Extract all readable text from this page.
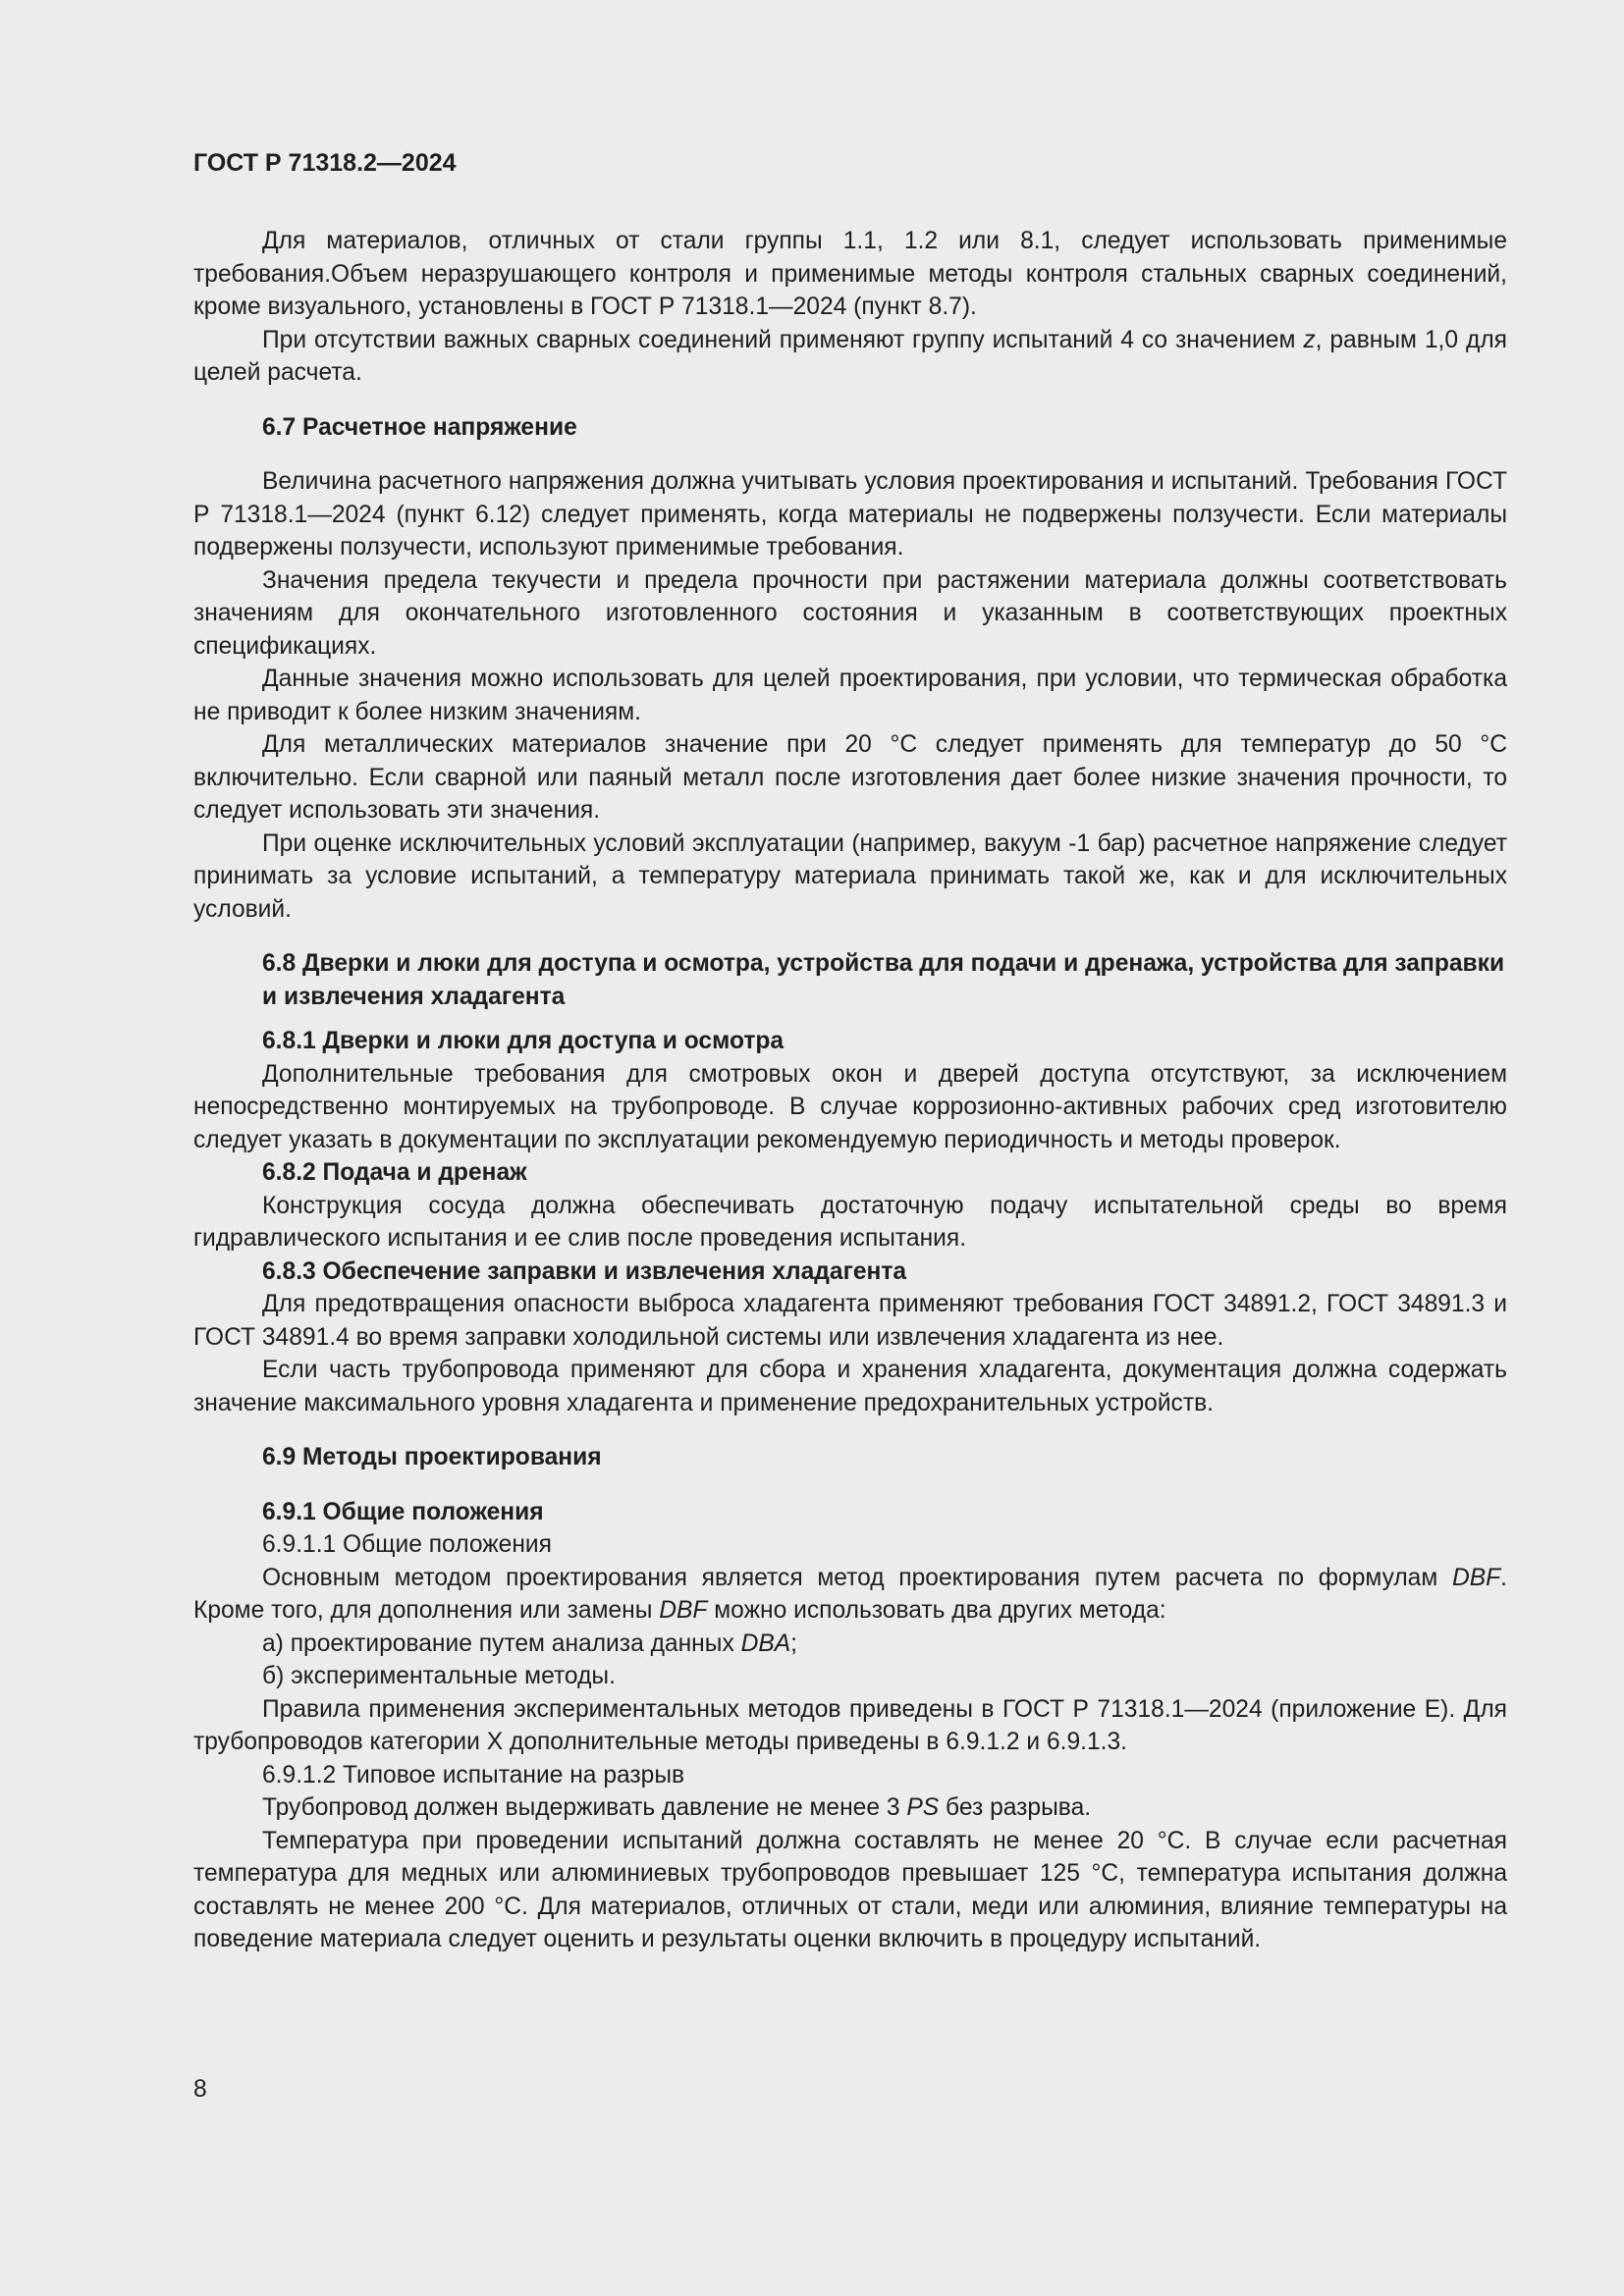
ГОСТ Р 71318.2—2024

Для материалов, отличных от стали группы 1.1, 1.2 или 8.1, следует использовать применимые требования.Объем неразрушающего контроля и применимые методы контроля стальных сварных соединений, кроме визуального, установлены в ГОСТ Р 71318.1—2024 (пункт 8.7).

При отсутствии важных сварных соединений применяют группу испытаний 4 со значением z, равным 1,0 для целей расчета.

6.7 Расчетное напряжение

Величина расчетного напряжения должна учитывать условия проектирования и испытаний. Требования ГОСТ Р 71318.1—2024 (пункт 6.12) следует применять, когда материалы не подвержены ползучести. Если материалы подвержены ползучести, используют применимые требования.

Значения предела текучести и предела прочности при растяжении материала должны соответствовать значениям для окончательного изготовленного состояния и указанным в соответствующих проектных спецификациях.

Данные значения можно использовать для целей проектирования, при условии, что термическая обработка не приводит к более низким значениям.

Для металлических материалов значение при 20 °C следует применять для температур до 50 °C включительно. Если сварной или паяный металл после изготовления дает более низкие значения прочности, то следует использовать эти значения.

При оценке исключительных условий эксплуатации (например, вакуум -1 бар) расчетное напряжение следует принимать за условие испытаний, а температуру материала принимать такой же, как и для исключительных условий.

6.8 Дверки и люки для доступа и осмотра, устройства для подачи и дренажа, устройства для заправки и извлечения хладагента
6.8.1 Дверки и люки для доступа и осмотра

Дополнительные требования для смотровых окон и дверей доступа отсутствуют, за исключением непосредственно монтируемых на трубопроводе. В случае коррозионно-активных рабочих сред изготовителю следует указать в документации по эксплуатации рекомендуемую периодичность и методы проверок.

6.8.2 Подача и дренаж

Конструкция сосуда должна обеспечивать достаточную подачу испытательной среды во время гидравлического испытания и ее слив после проведения испытания.

6.8.3 Обеспечение заправки и извлечения хладагента

Для предотвращения опасности выброса хладагента применяют требования ГОСТ 34891.2, ГОСТ 34891.3 и ГОСТ 34891.4 во время заправки холодильной системы или извлечения хладагента из нее.

Если часть трубопровода применяют для сбора и хранения хладагента, документация должна содержать значение максимального уровня хладагента и применение предохранительных устройств.

6.9 Методы проектирования
6.9.1 Общие положения

6.9.1.1 Общие положения

Основным методом проектирования является метод проектирования путем расчета по формулам DBF. Кроме того, для дополнения или замены DBF можно использовать два других метода:

а) проектирование путем анализа данных DBA;

б) экспериментальные методы.

Правила применения экспериментальных методов приведены в ГОСТ Р 71318.1—2024 (приложение Е). Для трубопроводов категории X дополнительные методы приведены в 6.9.1.2 и 6.9.1.3.

6.9.1.2 Типовое испытание на разрыв

Трубопровод должен выдерживать давление не менее 3 PS без разрыва.

Температура при проведении испытаний должна составлять не менее 20 °C. В случае если расчетная температура для медных или алюминиевых трубопроводов превышает 125 °C, температура испытания должна составлять не менее 200 °C. Для материалов, отличных от стали, меди или алюминия, влияние температуры на поведение материала следует оценить и результаты оценки включить в процедуру испытаний.

8
